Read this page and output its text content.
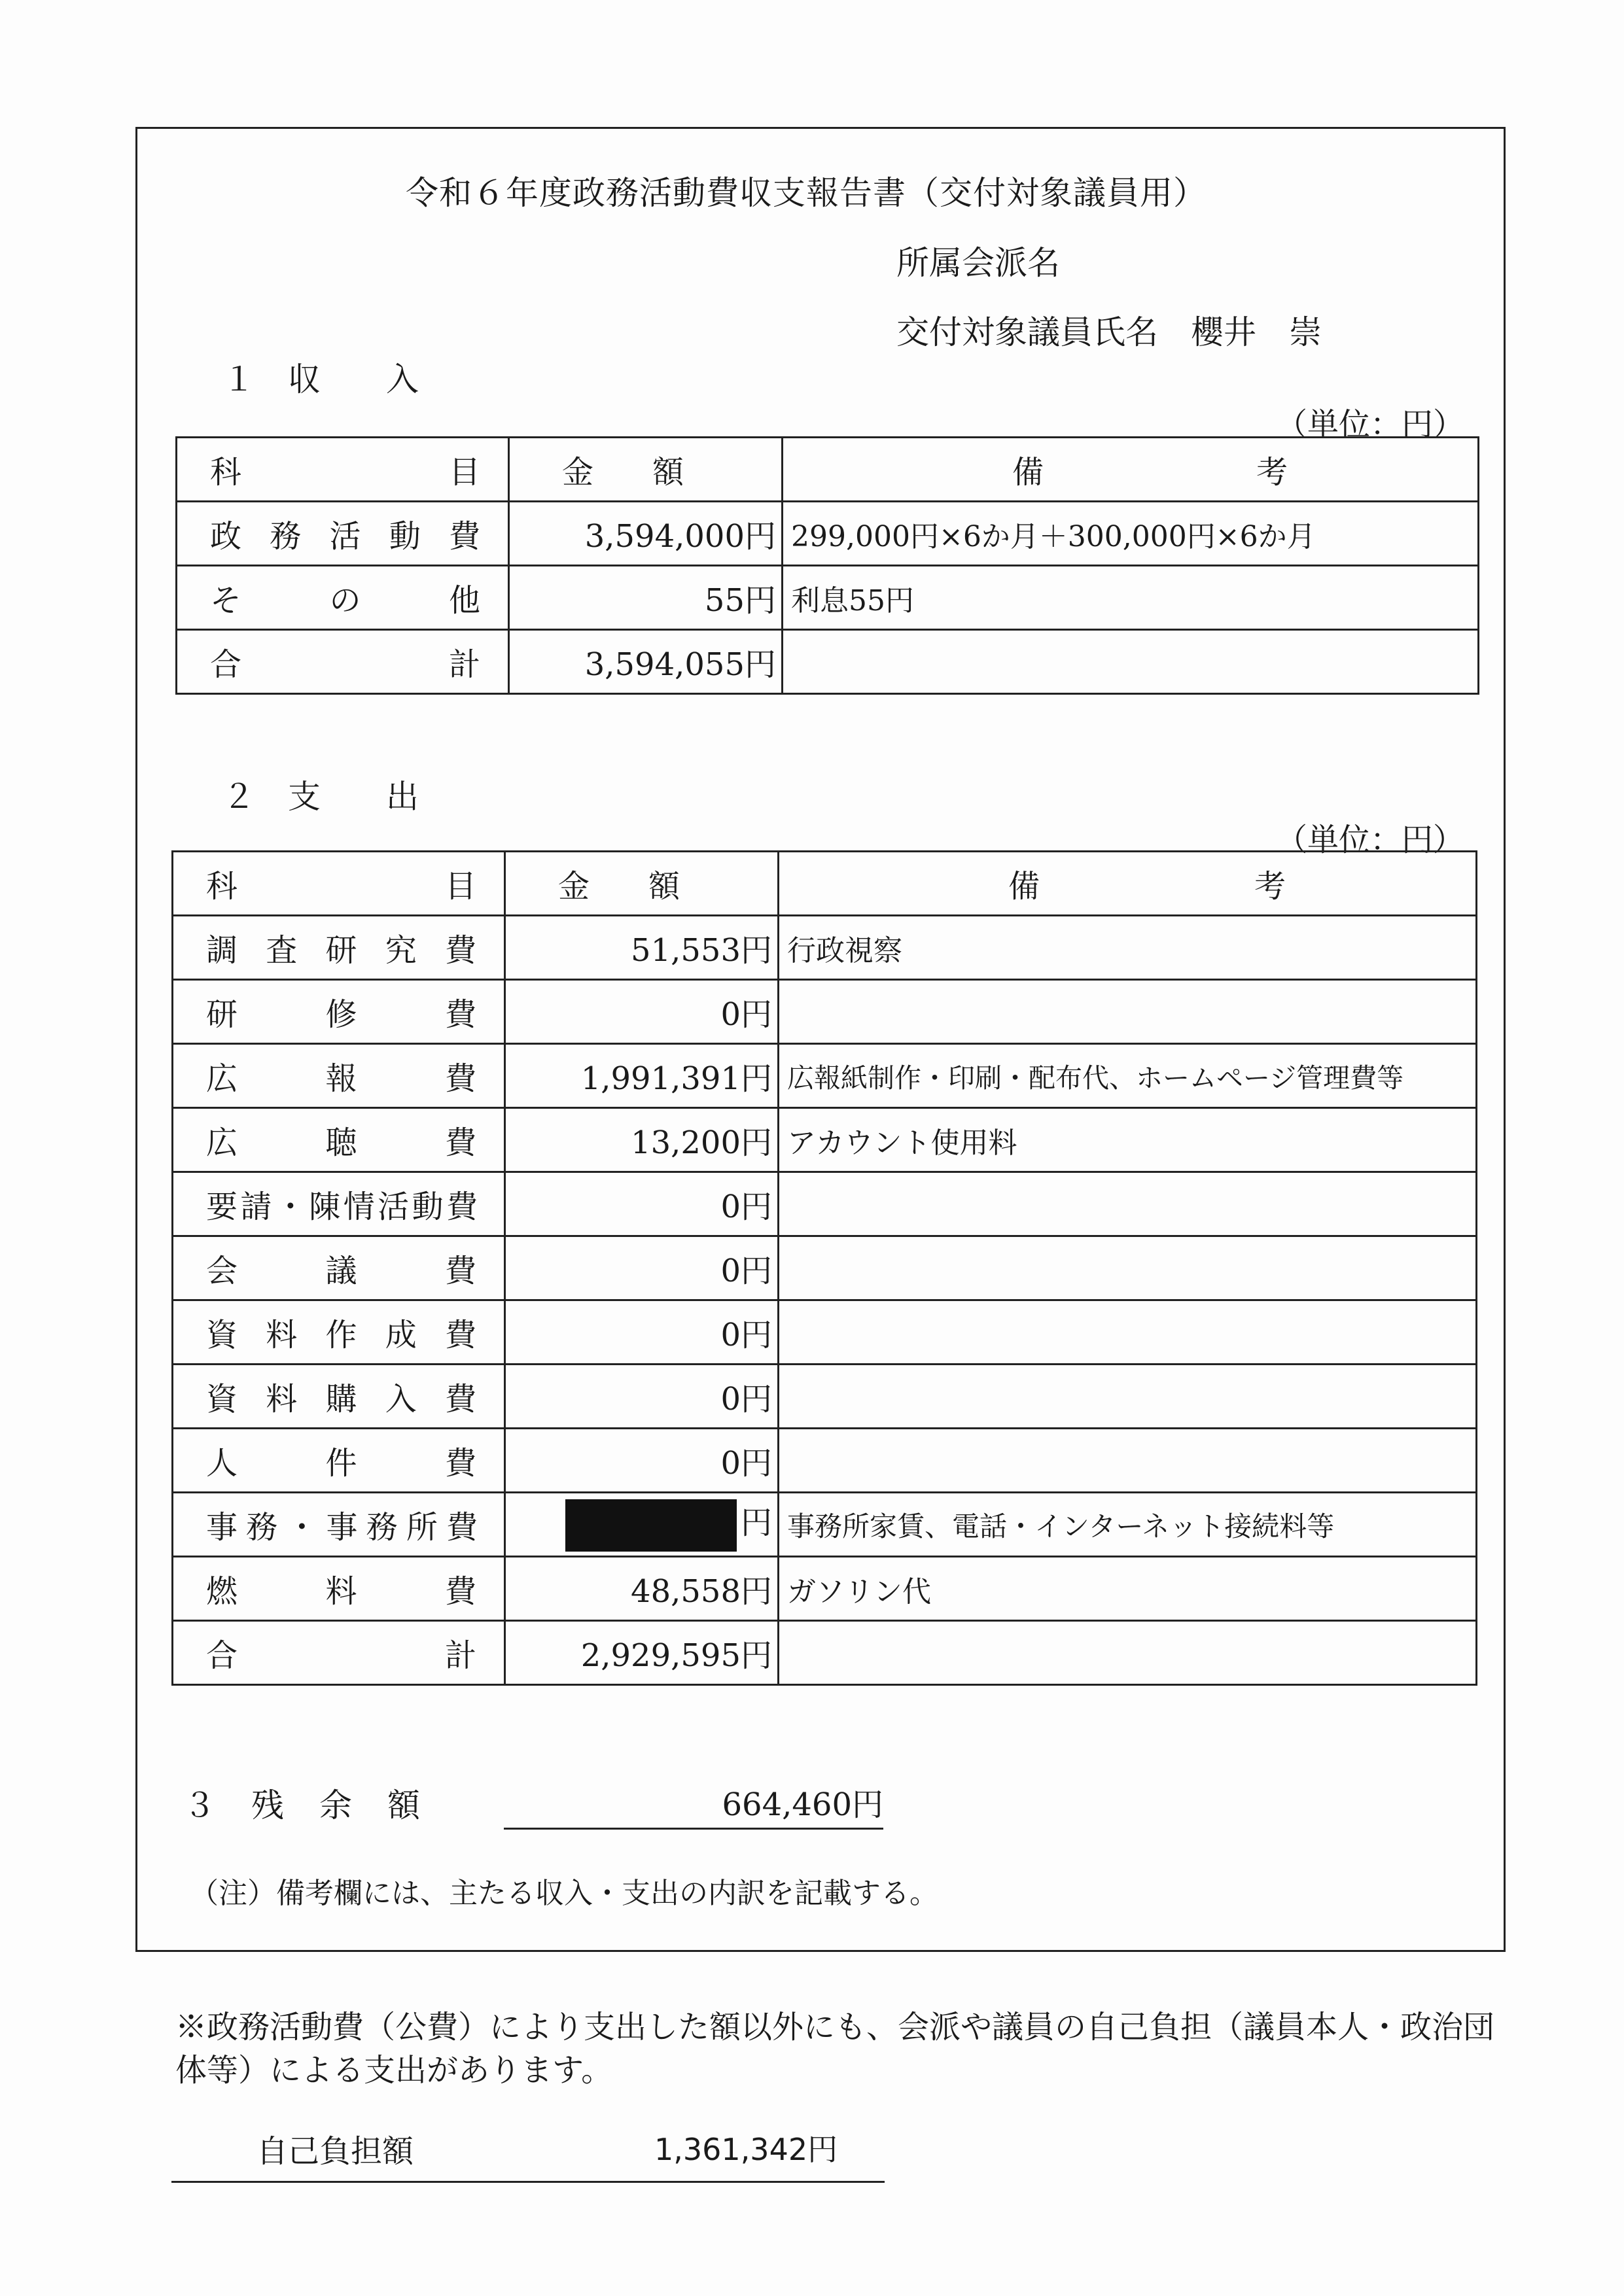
令和６年度政務活動費収支報告書（交付対象議員用）
所属会派名
交付対象議員氏名　櫻井　崇
１　収　　入
（単位：円）
科目	金額	備考
政務活動費	3,594,000円	299,000円×6か月＋300,000円×6か月
その他	55円	利息55円
合計	3,594,055円	
２　支　　出
（単位：円）
科目	金額	備考
調査研究費	51,553円	行政視察
研修費	0円	
広報費	1,991,391円	広報紙制作・印刷・配布代、ホームページ管理費等
広聴費	13,200円	アカウント使用料
要請・陳情活動費	0円	
会議費	0円	
資料作成費	0円	
資料購入費	0円	
人件費	0円	
事務・事務所費	円	事務所家賃、電話・インターネット接続料等
燃料費	48,558円	ガソリン代
合計	2,929,595円	
３　残　余　額	664,460円
（注）備考欄には、主たる収入・支出の内訳を記載する。
※政務活動費（公費）により支出した額以外にも、会派や議員の自己負担（議員本人・政治団体等）による支出があります。
自己負担額	1,361,342円
